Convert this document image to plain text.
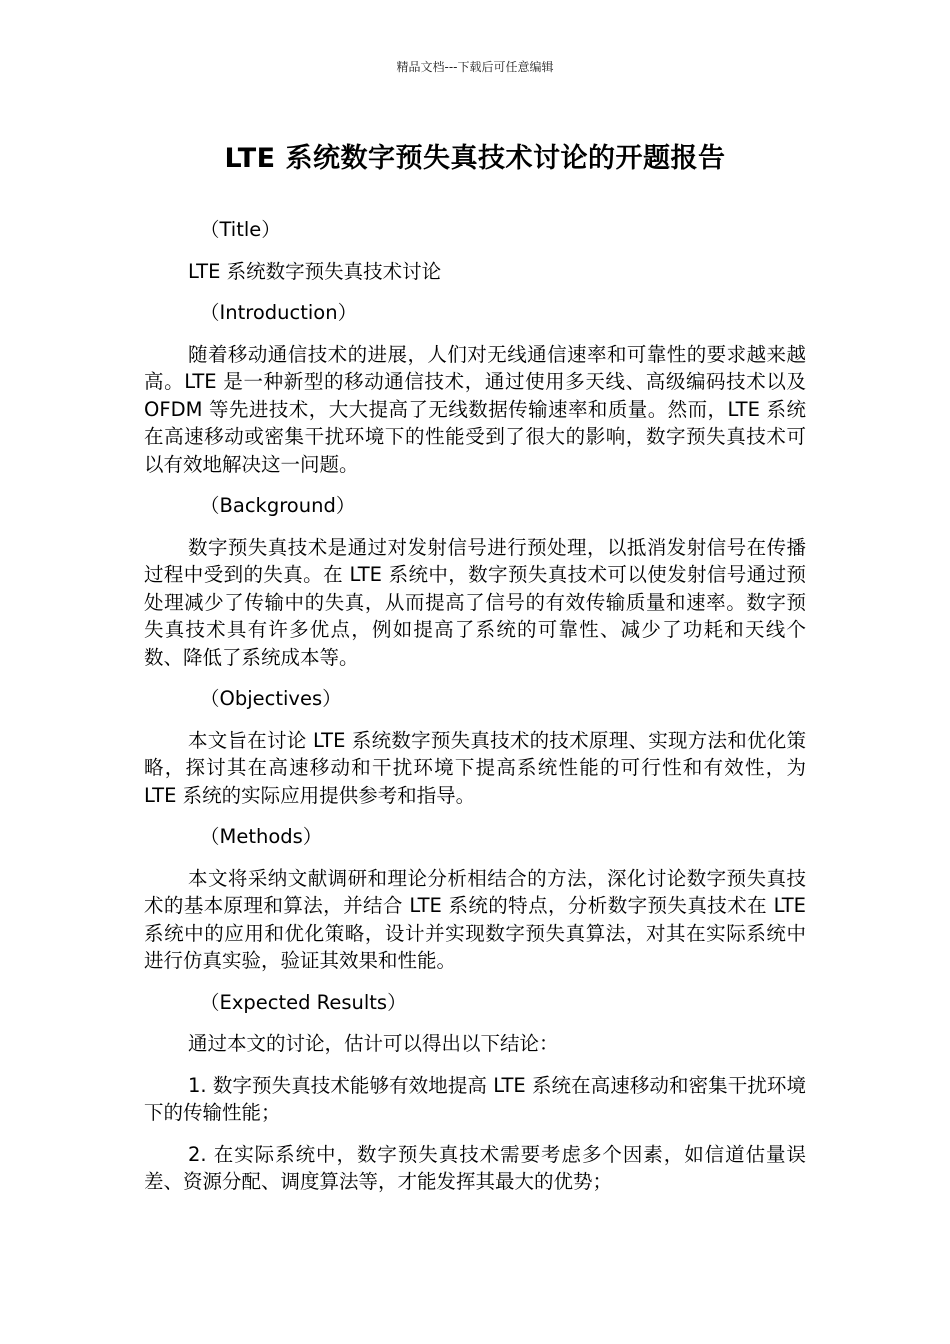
精品文档---下载后可任意编辑
LTE 系统数字预失真技术讨论的开题报告
（Title）
LTE 系统数字预失真技术讨论
（Introduction）

随着移动通信技术的进展，人们对无线通信速率和可靠性的要求越来越高。LTE 是一种新型的移动通信技术，通过使用多天线、高级编码技术以及 OFDM 等先进技术，大大提高了无线数据传输速率和质量。然而，LTE 系统在高速移动或密集干扰环境下的性能受到了很大的影响，数字预失真技术可以有效地解决这一问题。

（Background）

数字预失真技术是通过对发射信号进行预处理，以抵消发射信号在传播过程中受到的失真。在 LTE 系统中，数字预失真技术可以使发射信号通过预处理减少了传输中的失真，从而提高了信号的有效传输质量和速率。数字预失真技术具有许多优点，例如提高了系统的可靠性、减少了功耗和天线个数、降低了系统成本等。

（Objectives）

本文旨在讨论 LTE 系统数字预失真技术的技术原理、实现方法和优化策略，探讨其在高速移动和干扰环境下提高系统性能的可行性和有效性，为 LTE 系统的实际应用提供参考和指导。

（Methods）

本文将采纳文献调研和理论分析相结合的方法，深化讨论数字预失真技术的基本原理和算法，并结合 LTE 系统的特点，分析数字预失真技术在 LTE 系统中的应用和优化策略，设计并实现数字预失真算法，对其在实际系统中进行仿真实验，验证其效果和性能。

（Expected Results）

通过本文的讨论，估计可以得出以下结论：

1. 数字预失真技术能够有效地提高 LTE 系统在高速移动和密集干扰环境下的传输性能；

2. 在实际系统中，数字预失真技术需要考虑多个因素，如信道估量误差、资源分配、调度算法等，才能发挥其最大的优势；
